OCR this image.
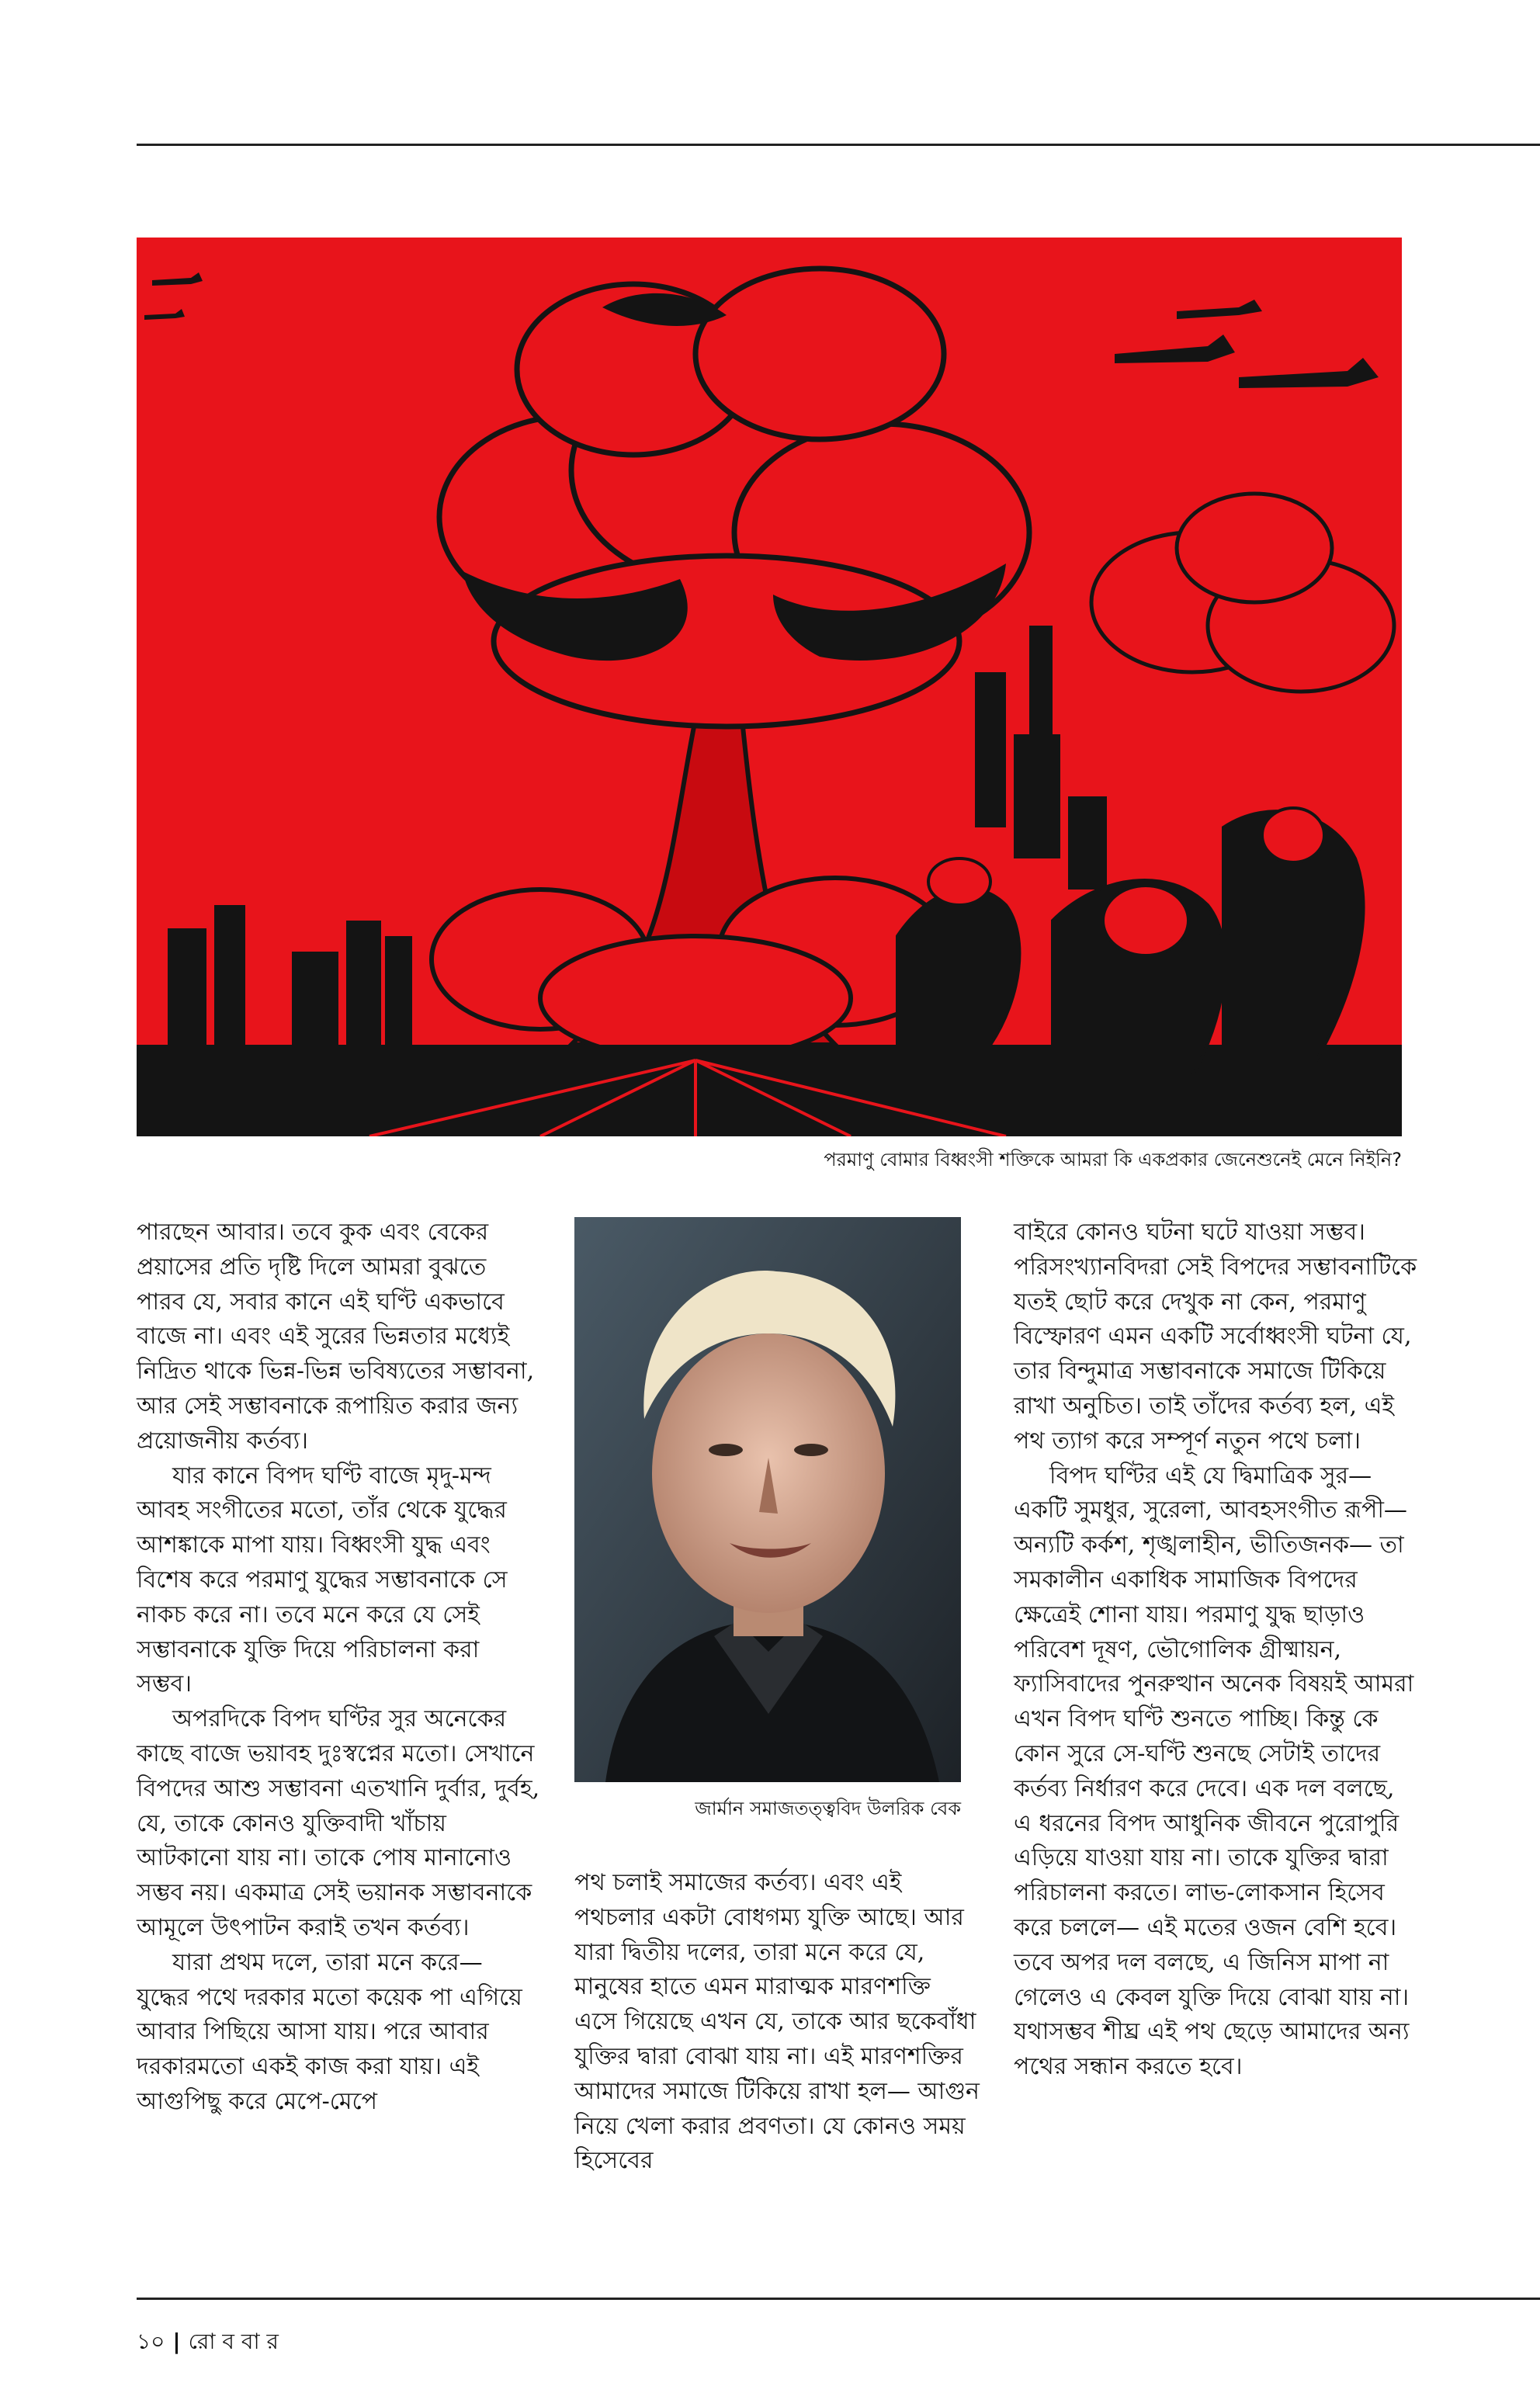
পরমাণু বোমার বিধ্বংসী শক্তিকে আমরা কি একপ্রকার জেনেশুনেই মেনে নিইনি?

পারছেন আবার। তবে কুক এবং বেকের প্রয়াসের প্রতি দৃষ্টি দিলে আমরা বুঝতে পারব যে, সবার কানে এই ঘণ্টি একভাবে বাজে না। এবং এই সুরের ভিন্নতার মধ্যেই নিদ্রিত থাকে ভিন্ন-ভিন্ন ভবিষ্যতের সম্ভাবনা, আর সেই সম্ভাবনাকে রূপায়িত করার জন্য প্রয়োজনীয় কর্তব্য।

যার কানে বিপদ ঘণ্টি বাজে মৃদু-মন্দ আবহ সংগীতের মতো, তাঁর থেকে যুদ্ধের আশঙ্কাকে মাপা যায়। বিধ্বংসী যুদ্ধ এবং বিশেষ করে পরমাণু যুদ্ধের সম্ভাবনাকে সে নাকচ করে না। তবে মনে করে যে সেই সম্ভাবনাকে যুক্তি দিয়ে পরিচালনা করা সম্ভব।

অপরদিকে বিপদ ঘণ্টির সুর অনেকের কাছে বাজে ভয়াবহ দুঃস্বপ্নের মতো। সেখানে বিপদের আশু সম্ভাবনা এতখানি দুর্বার, দুর্বহ, যে, তাকে কোনও যুক্তিবাদী খাঁচায় আটকানো যায় না। তাকে পোষ মানানোও সম্ভব নয়। একমাত্র সেই ভয়ানক সম্ভাবনাকে আমূলে উৎপাটন করাই তখন কর্তব্য।

যারা প্রথম দলে, তারা মনে করে— যুদ্ধের পথে দরকার মতো কয়েক পা এগিয়ে আবার পিছিয়ে আসা যায়। পরে আবার দরকারমতো একই কাজ করা যায়। এই আগুপিছু করে মেপে-মেপে

জার্মান সমাজতত্ত্ববিদ উলরিক বেক

পথ চলাই সমাজের কর্তব্য। এবং এই পথচলার একটা বোধগম্য যুক্তি আছে। আর যারা দ্বিতীয় দলের, তারা মনে করে যে, মানুষের হাতে এমন মারাত্মক মারণশক্তি এসে গিয়েছে এখন যে, তাকে আর ছকেবাঁধা যুক্তির দ্বারা বোঝা যায় না। এই মারণশক্তির আমাদের সমাজে টিকিয়ে রাখা হল— আগুন নিয়ে খেলা করার প্রবণতা। যে কোনও সময় হিসেবের

বাইরে কোনও ঘটনা ঘটে যাওয়া সম্ভব। পরিসংখ্যানবিদরা সেই বিপদের সম্ভাবনাটিকে যতই ছোট করে দেখুক না কেন, পরমাণু বিস্ফোরণ এমন একটি সর্বোধ্বংসী ঘটনা যে, তার বিন্দুমাত্র সম্ভাবনাকে সমাজে টিকিয়ে রাখা অনুচিত। তাই তাঁদের কর্তব্য হল, এই পথ ত্যাগ করে সম্পূর্ণ নতুন পথে চলা।

বিপদ ঘণ্টির এই যে দ্বিমাত্রিক সুর— একটি সুমধুর, সুরেলা, আবহসংগীত রূপী— অন্যটি কর্কশ, শৃঙ্খলাহীন, ভীতিজনক— তা সমকালীন একাধিক সামাজিক বিপদের ক্ষেত্রেই শোনা যায়। পরমাণু যুদ্ধ ছাড়াও পরিবেশ দূষণ, ভৌগোলিক গ্রীষ্মায়ন, ফ্যাসিবাদের পুনরুত্থান অনেক বিষয়ই আমরা এখন বিপদ ঘণ্টি শুনতে পাচ্ছি। কিন্তু কে কোন সুরে সে-ঘণ্টি শুনছে সেটাই তাদের কর্তব্য নির্ধারণ করে দেবে। এক দল বলছে, এ ধরনের বিপদ আধুনিক জীবনে পুরোপুরি এড়িয়ে যাওয়া যায় না। তাকে যুক্তির দ্বারা পরিচালনা করতে। লাভ-লোকসান হিসেব করে চললে— এই মতের ওজন বেশি হবে। তবে অপর দল বলছে, এ জিনিস মাপা না গেলেও এ কেবল যুক্তি দিয়ে বোঝা যায় না। যথাসম্ভব শীঘ্র এই পথ ছেড়ে আমাদের অন্য পথের সন্ধান করতে হবে।

১০ | রো ব বা র
